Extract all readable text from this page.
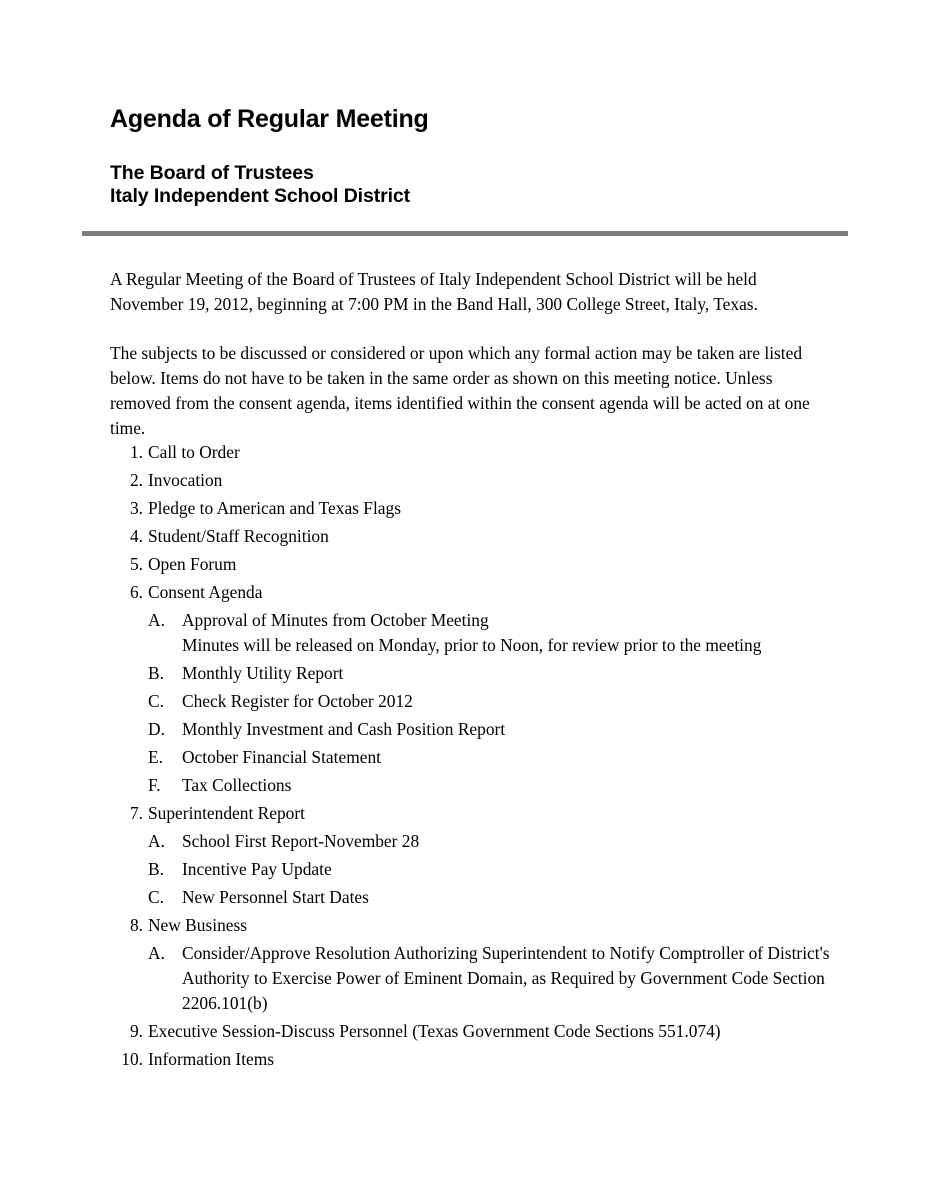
Agenda of Regular Meeting
The Board of Trustees
Italy Independent School District

A Regular Meeting of the Board of Trustees of Italy Independent School District will be held November 19, 2012, beginning at 7:00 PM in the Band Hall, 300 College Street, Italy, Texas.

The subjects to be discussed or considered or upon which any formal action may be taken are listed below. Items do not have to be taken in the same order as shown on this meeting notice. Unless removed from the consent agenda, items identified within the consent agenda will be acted on at one time.

Call to Order
Invocation
Pledge to American and Texas Flags
Student/Staff Recognition
Open Forum
Consent Agenda
Approval of Minutes from October Meeting
Minutes will be released on Monday, prior to Noon, for review prior to the meeting
Monthly Utility Report
Check Register for October 2012
Monthly Investment and Cash Position Report
October Financial Statement
Tax Collections
Superintendent Report
School First Report-November 28
Incentive Pay Update
New Personnel Start Dates
New Business
Consider/Approve Resolution Authorizing Superintendent to Notify Comptroller of District's Authority to Exercise Power of Eminent Domain, as Required by Government Code Section 2206.101(b)
Executive Session-Discuss Personnel (Texas Government Code Sections 551.074)
Information Items
